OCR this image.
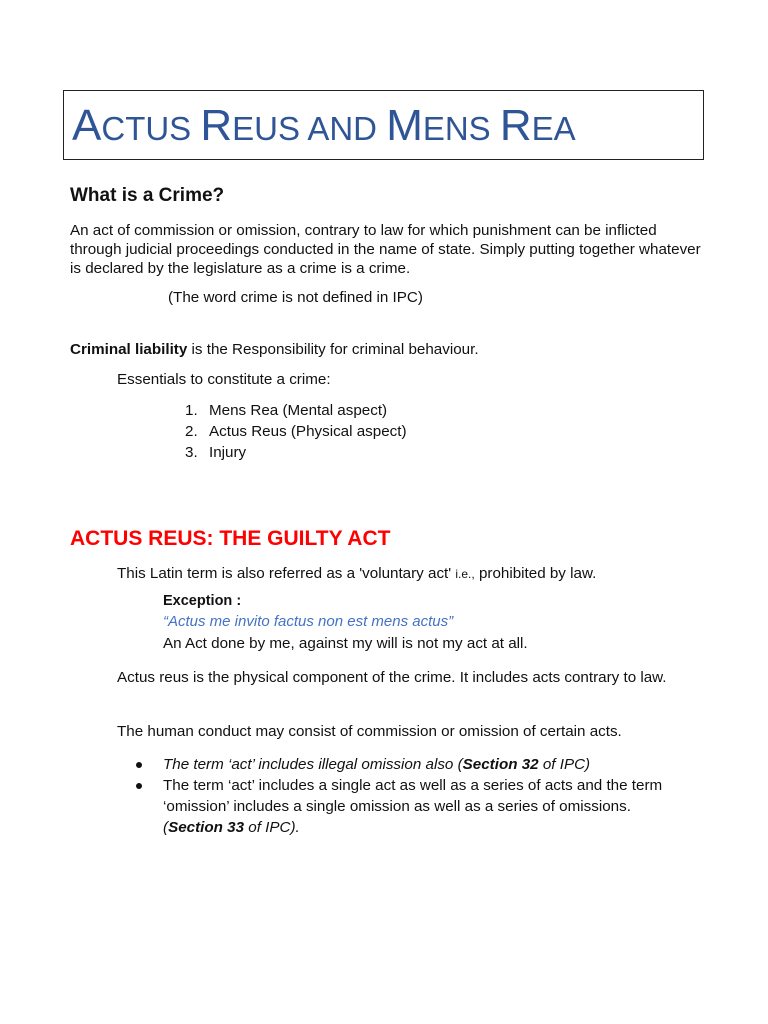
ACTUS REUS AND MENS REA
What is a Crime?
An act of commission or omission, contrary to law for which punishment can be inflicted through judicial proceedings conducted in the name of state. Simply putting together whatever is declared by the legislature as a crime is a crime.
(The word crime is not defined in IPC)
Criminal liability is the Responsibility for criminal behaviour.
Essentials to constitute a crime:
1. Mens Rea (Mental aspect)
2. Actus Reus (Physical aspect)
3. Injury
ACTUS REUS: THE GUILTY ACT
This Latin term is also referred as a 'voluntary act' i.e., prohibited by law.
Exception :
“Actus me invito factus non est mens actus”
An Act done by me, against my will is not my act at all.
Actus reus is the physical component of the crime. It includes acts contrary to law.
The human conduct may consist of commission or omission of certain acts.
The term ‘act’ includes illegal omission also (Section 32 of IPC)
The term ‘act’ includes a single act as well as a series of acts and the term ‘omission’ includes a single omission as well as a series of omissions. (Section 33 of IPC).
